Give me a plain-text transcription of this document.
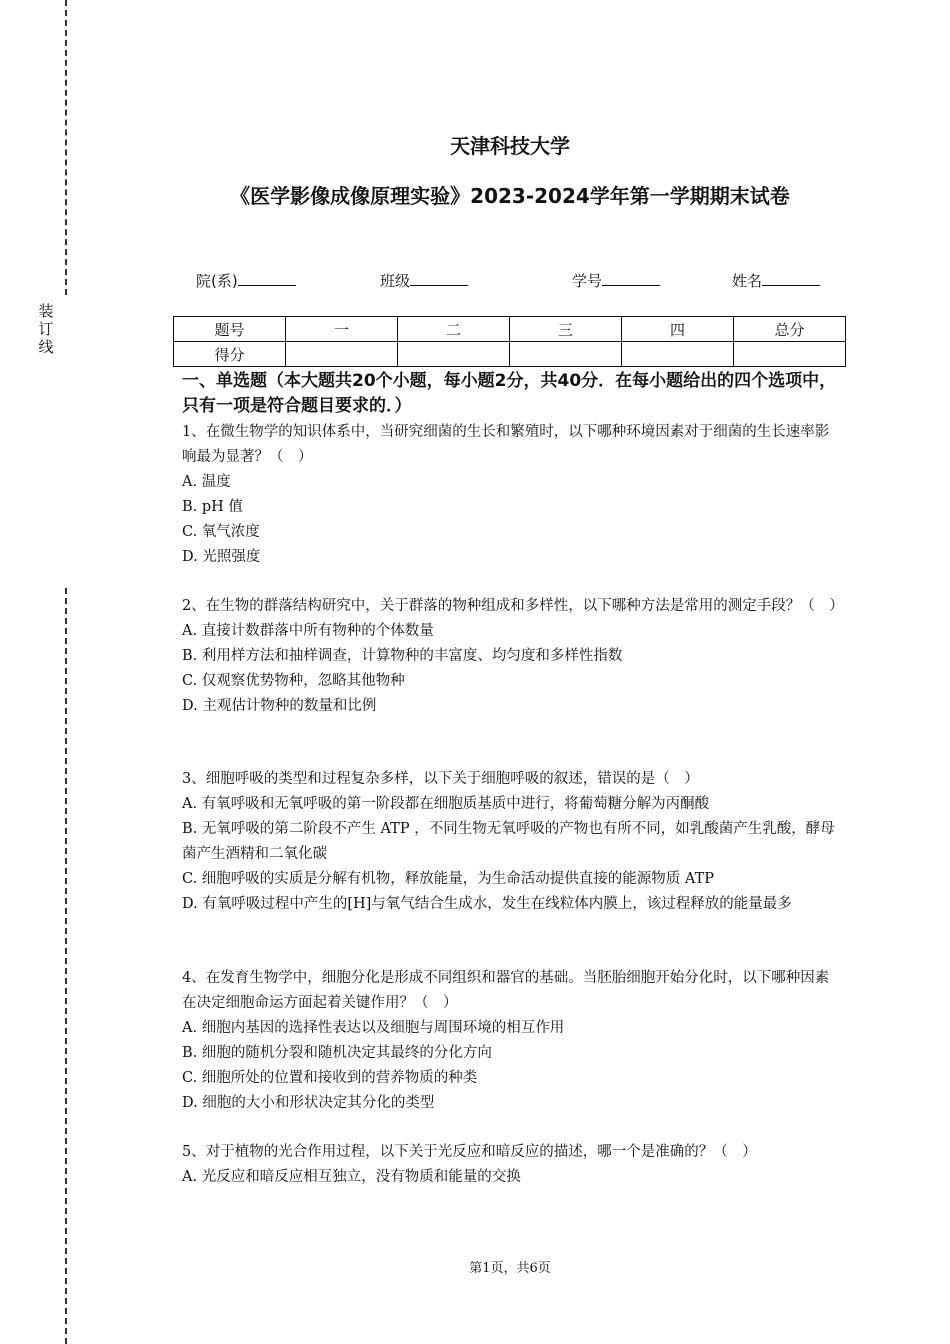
装订线
天津科技大学
《医学影像成像原理实验》2023-2024学年第一学期期末试卷
院(系)	班级	学号	姓名
题号	一	二	三	四	总分
得分					
一、单选题（本大题共20个小题，每小题2分，共40分．在每小题给出的四个选项中，只有一项是符合题目要求的．）

1、在微生物学的知识体系中，当研究细菌的生长和繁殖时，以下哪种环境因素对于细菌的生长速率影响最为显著？（　）

A. 温度

B. pH 值

C. 氧气浓度

D. 光照强度

2、在生物的群落结构研究中，关于群落的物种组成和多样性，以下哪种方法是常用的测定手段？（　）

A. 直接计数群落中所有物种的个体数量

B. 利用样方法和抽样调查，计算物种的丰富度、均匀度和多样性指数

C. 仅观察优势物种，忽略其他物种

D. 主观估计物种的数量和比例

3、细胞呼吸的类型和过程复杂多样，以下关于细胞呼吸的叙述，错误的是（　）

A. 有氧呼吸和无氧呼吸的第一阶段都在细胞质基质中进行，将葡萄糖分解为丙酮酸

B. 无氧呼吸的第二阶段不产生 ATP ，不同生物无氧呼吸的产物也有所不同，如乳酸菌产生乳酸，酵母菌产生酒精和二氧化碳

C. 细胞呼吸的实质是分解有机物，释放能量，为生命活动提供直接的能源物质 ATP

D. 有氧呼吸过程中产生的[H]与氧气结合生成水，发生在线粒体内膜上，该过程释放的能量最多

4、在发育生物学中，细胞分化是形成不同组织和器官的基础。当胚胎细胞开始分化时，以下哪种因素在决定细胞命运方面起着关键作用？（　）

A. 细胞内基因的选择性表达以及细胞与周围环境的相互作用

B. 细胞的随机分裂和随机决定其最终的分化方向

C. 细胞所处的位置和接收到的营养物质的种类

D. 细胞的大小和形状决定其分化的类型

5、对于植物的光合作用过程，以下关于光反应和暗反应的描述，哪一个是准确的？（　）

A. 光反应和暗反应相互独立，没有物质和能量的交换

第1页，共6页
